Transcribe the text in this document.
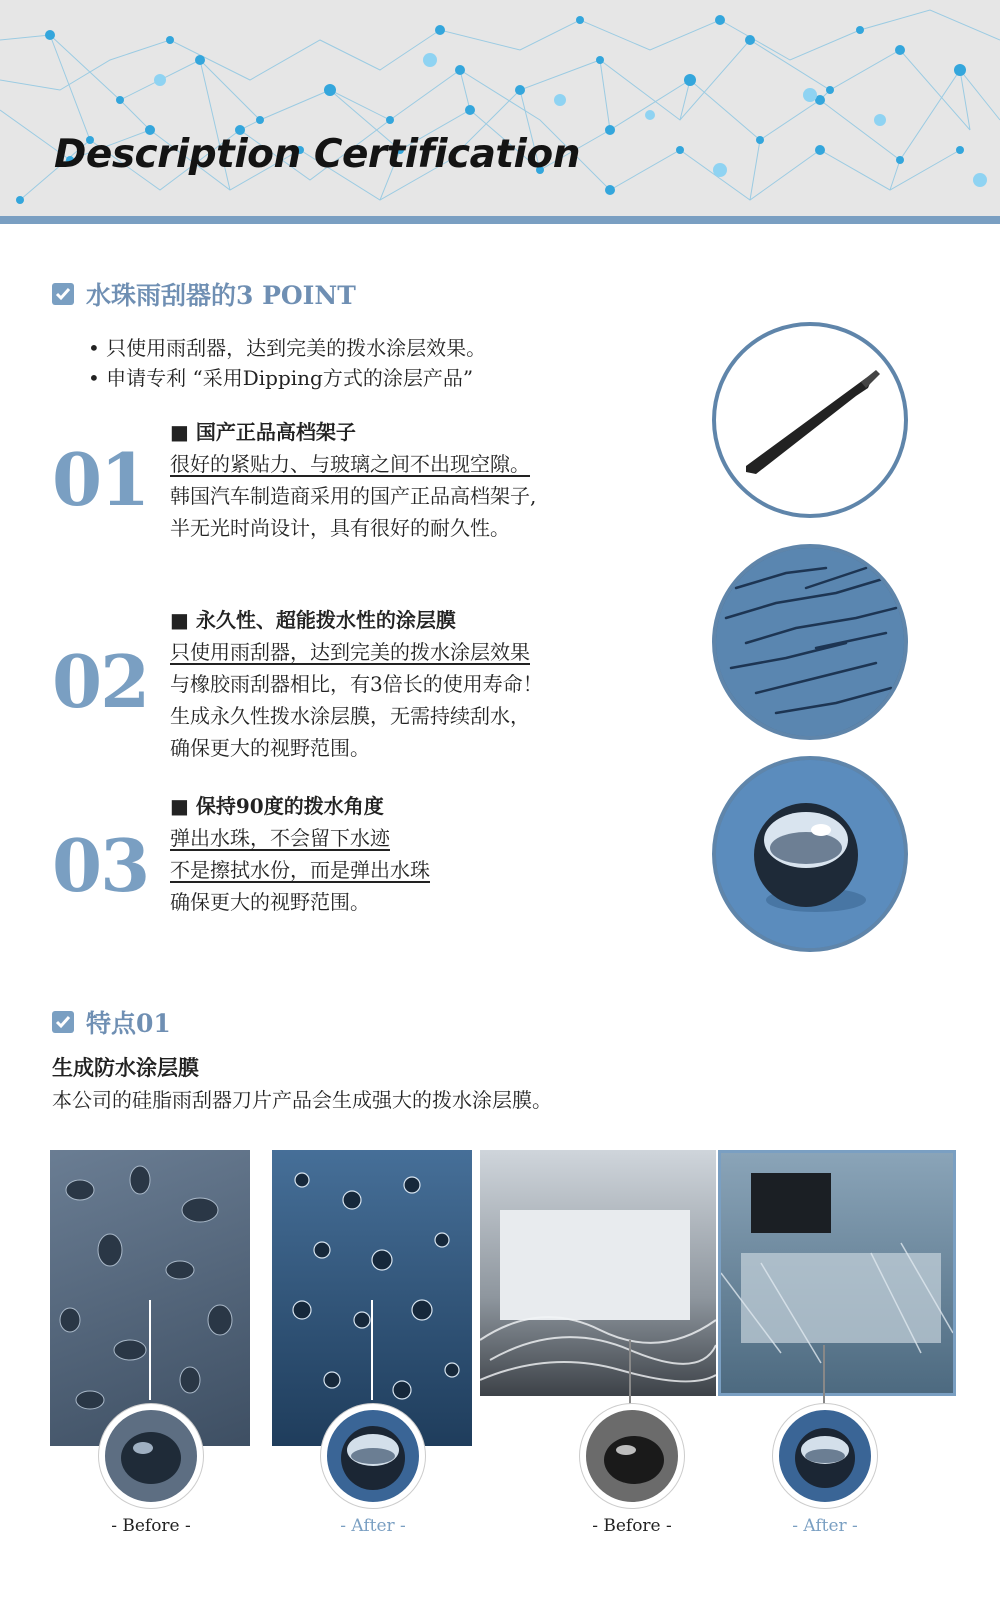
Description Certification
水珠雨刮器的3 POINT
• 只使用雨刮器，达到完美的拨水涂层效果。
• 申请专利 “采用Dipping方式的涂层产品”
01
■ 国产正品高档架子
很好的紧贴力、与玻璃之间不出现空隙。
韩国汽车制造商采用的国产正品高档架子,
半无光时尚设计，具有很好的耐久性。
02
■ 永久性、超能拨水性的涂层膜
只使用雨刮器，达到完美的拨水涂层效果
与橡胶雨刮器相比，有3倍长的使用寿命！
生成永久性拨水涂层膜，无需持续刮水，
确保更大的视野范围。
03
■ 保持90度的拨水角度
弹出水珠，不会留下水迹
不是擦拭水份，而是弹出水珠
确保更大的视野范围。
特点01
生成防水涂层膜
本公司的硅脂雨刮器刀片产品会生成强大的拨水涂层膜。
- Before -	- After -	- Before -	- After -
